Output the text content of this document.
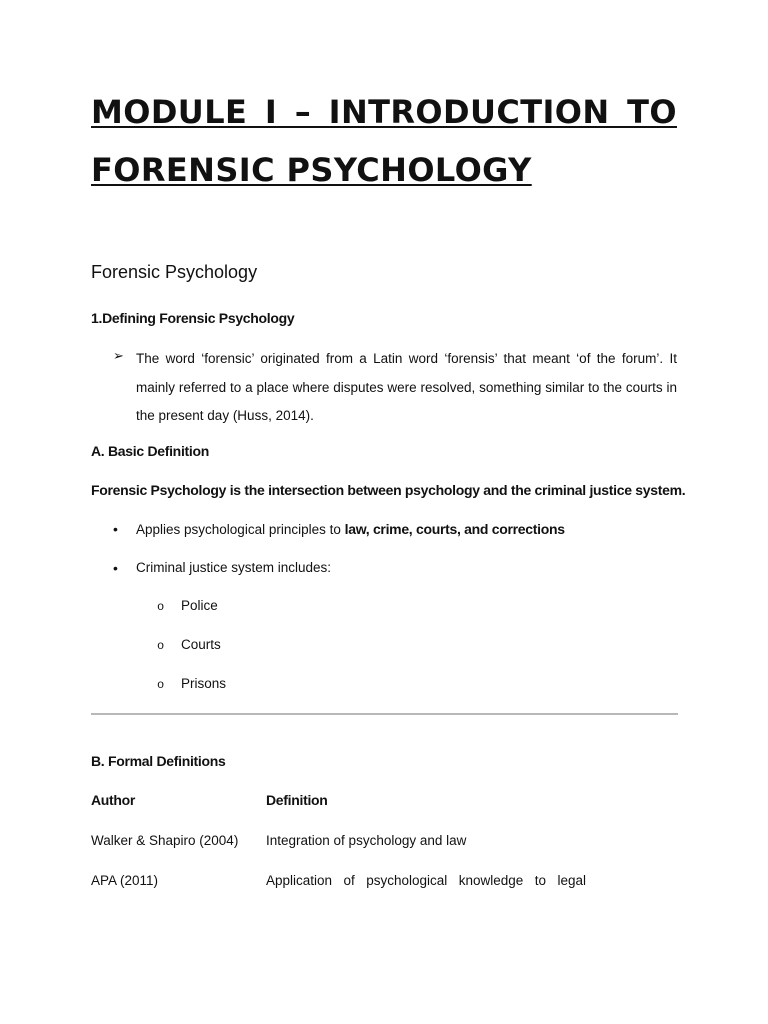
MODULE I – INTRODUCTION TO
FORENSIC PSYCHOLOGY
Forensic Psychology
1.Defining Forensic Psychology
➢ The word ‘forensic’ originated from a Latin word ‘forensis’ that meant ‘of the forum’. It mainly referred to a place where disputes were resolved, something similar to the courts in the present day (Huss, 2014).

A. Basic Definition
Forensic Psychology is the intersection between psychology and the criminal justice system.
• Applies psychological principles to law, crime, courts, and corrections
• Criminal justice system includes:
o Police
o Courts
o Prisons
B. Formal Definitions
Author	Definition
Walker & Shapiro (2004) Integration of psychology and law
APA (2011)	Application of psychological knowledge to legal
